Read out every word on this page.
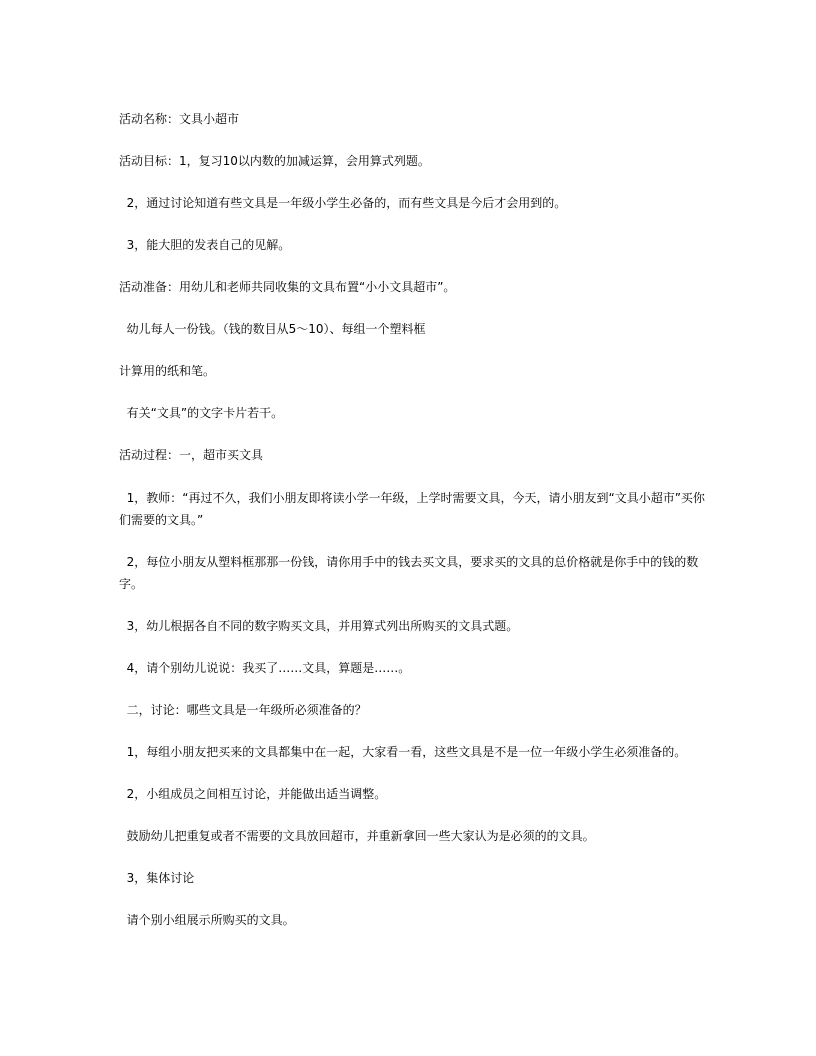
活动名称：文具小超市

活动目标：1，复习10以内数的加减运算，会用算式列题。

2，通过讨论知道有些文具是一年级小学生必备的，而有些文具是今后才会用到的。

3，能大胆的发表自己的见解。

活动准备：用幼儿和老师共同收集的文具布置“小小文具超市”。

幼儿每人一份钱。（钱的数目从5～10）、每组一个塑料框

计算用的纸和笔。

有关“文具”的文字卡片若干。

活动过程：一，超市买文具

1，教师：“再过不久，我们小朋友即将读小学一年级，上学时需要文具，今天，请小朋友到“文具小超市”买你们需要的文具。”

2，每位小朋友从塑料框那那一份钱，请你用手中的钱去买文具，要求买的文具的总价格就是你手中的钱的数字。

3，幼儿根据各自不同的数字购买文具，并用算式列出所购买的文具式题。

4，请个别幼儿说说：我买了……文具，算题是……。

二，讨论：哪些文具是一年级所必须准备的？

1，每组小朋友把买来的文具都集中在一起，大家看一看，这些文具是不是一位一年级小学生必须准备的。

2，小组成员之间相互讨论，并能做出适当调整。

鼓励幼儿把重复或者不需要的文具放回超市，并重新拿回一些大家认为是必须的的文具。

3，集体讨论

请个别小组展示所购买的文具。
